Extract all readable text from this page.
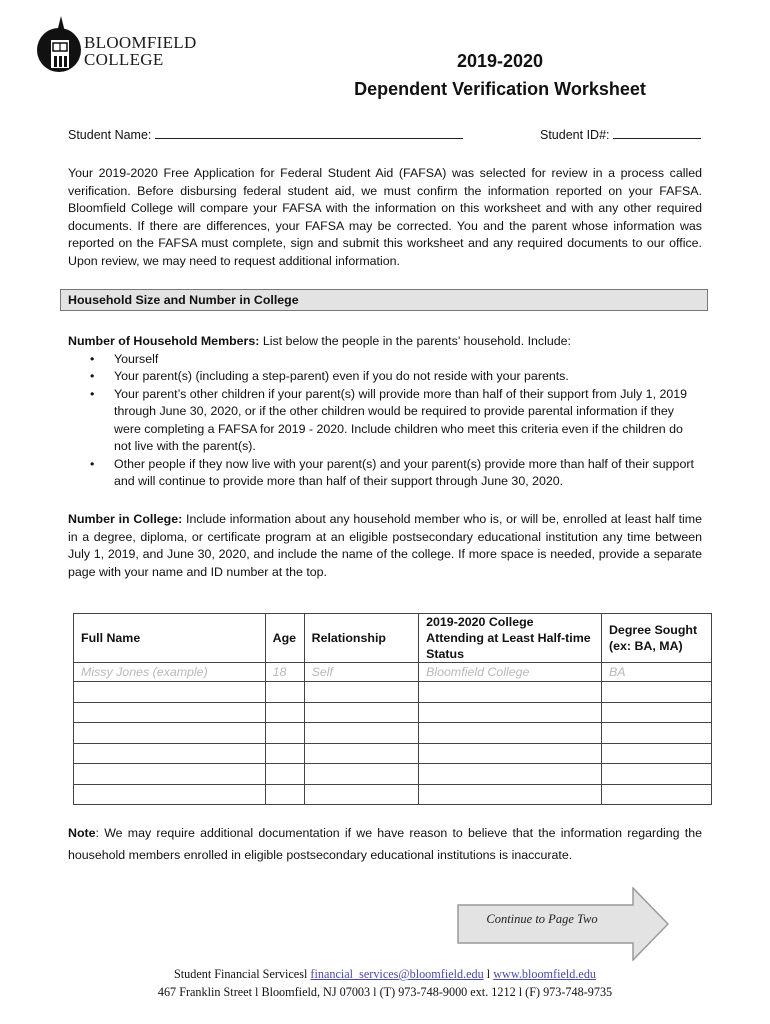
est. 1868
BLOOMFIELD
COLLEGE	2019-2020
Dependent Verification Worksheet
Student Name:	Student ID#:
Your 2019-2020 Free Application for Federal Student Aid (FAFSA) was selected for review in a process called verification. Before disbursing federal student aid, we must confirm the information reported on your FAFSA. Bloomfield College will compare your FAFSA with the information on this worksheet and with any other required documents. If there are differences, your FAFSA may be corrected. You and the parent whose information was reported on the FAFSA must complete, sign and submit this worksheet and any required documents to our office. Upon review, we may need to request additional information.
Household Size and Number in College
Number of Household Members: List below the people in the parents’ household. Include:
• Yourself
• Your parent(s) (including a step-parent) even if you do not reside with your parents.
• Your parent’s other children if your parent(s) will provide more than half of their support from July 1, 2019 through June 30, 2020, or if the other children would be required to provide parental information if they were completing a FAFSA for 2019 - 2020. Include children who meet this criteria even if the children do not live with the parent(s).
• Other people if they now live with your parent(s) and your parent(s) provide more than half of their support and will continue to provide more than half of their support through June 30, 2020.
Number in College: Include information about any household member who is, or will be, enrolled at least half time in a degree, diploma, or certificate program at an eligible postsecondary educational institution any time between July 1, 2019, and June 30, 2020, and include the name of the college. If more space is needed, provide a separate page with your name and ID number at the top.
Full Name	Age	Relationship	2019-2020 College Attending at Least Half-time Status	Degree Sought (ex: BA, MA)
Missy Jones (example)	18	Self	Bloomfield College	BA

Note: We may require additional documentation if we have reason to believe that the information regarding the household members enrolled in eligible postsecondary educational institutions is inaccurate.
Continue to Page Two
Student Financial Servicesl financial_services@bloomfield.edu l www.bloomfield.edu
467 Franklin Street l Bloomfield, NJ 07003 l (T) 973-748-9000 ext. 1212 l (F) 973-748-9735
